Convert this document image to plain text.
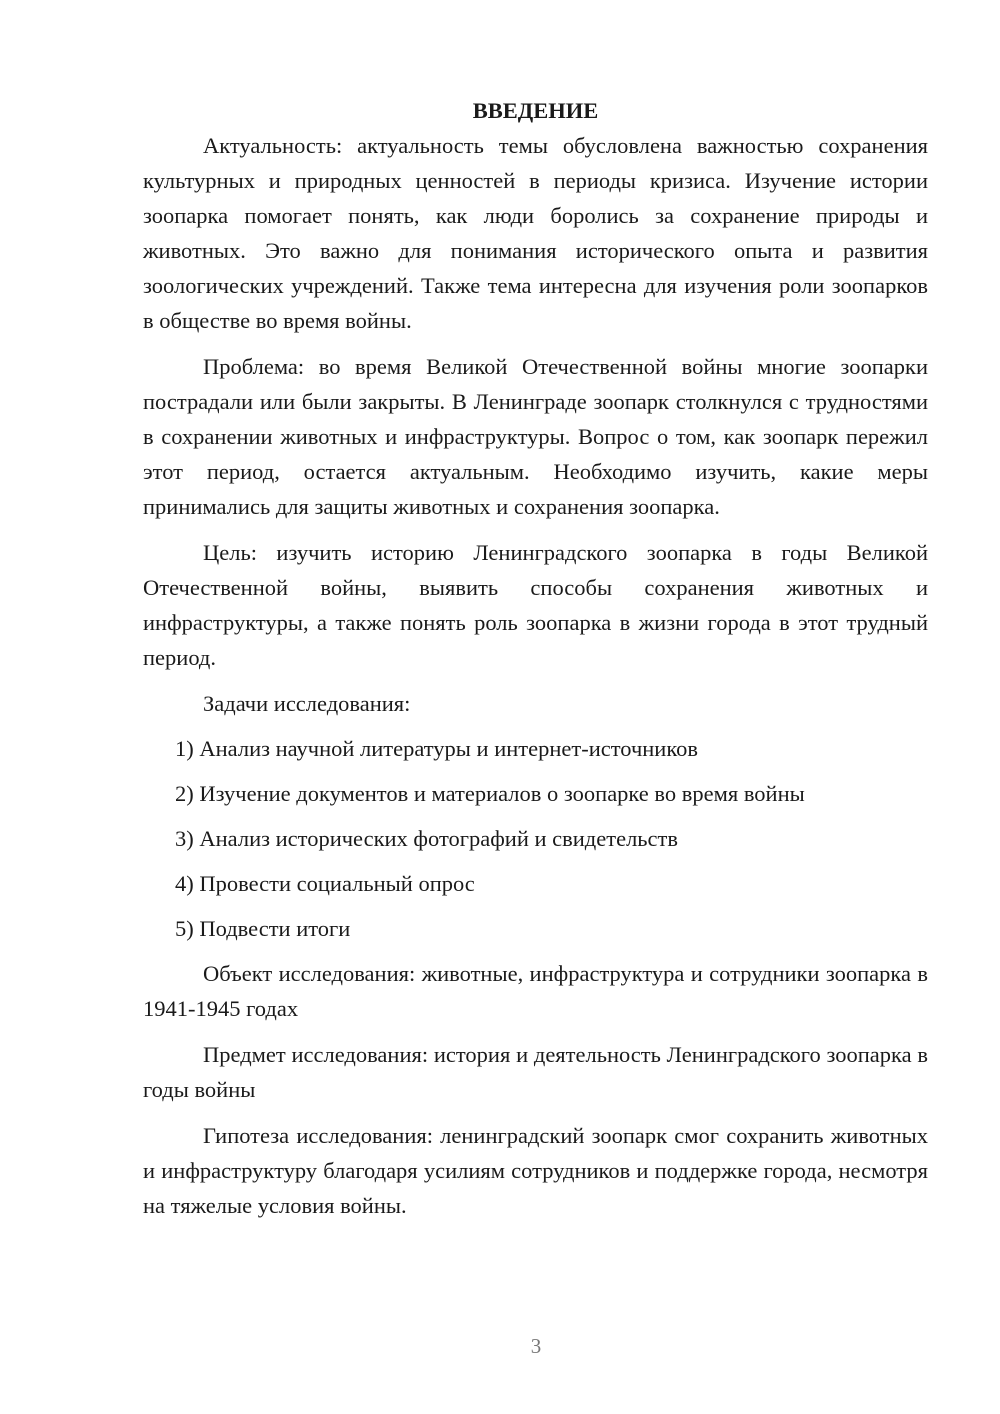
ВВЕДЕНИЕ

Актуальность: актуальность темы обусловлена важностью сохранения культурных и природных ценностей в периоды кризиса. Изучение истории зоопарка помогает понять, как люди боролись за сохранение природы и животных. Это важно для понимания исторического опыта и развития зоологических учреждений. Также тема интересна для изучения роли зоопарков в обществе во время войны.

Проблема: во время Великой Отечественной войны многие зоопарки пострадали или были закрыты. В Ленинграде зоопарк столкнулся с трудностями в сохранении животных и инфраструктуры. Вопрос о том, как зоопарк пережил этот период, остается актуальным. Необходимо изучить, какие меры принимались для защиты животных и сохранения зоопарка.

Цель: изучить историю Ленинградского зоопарка в годы Великой Отечественной войны, выявить способы сохранения животных и инфраструктуры, а также понять роль зоопарка в жизни города в этот трудный период.

Задачи исследования:
1) Анализ научной литературы и интернет-источников
2) Изучение документов и материалов о зоопарке во время войны
3) Анализ исторических фотографий и свидетельств
4) Провести социальный опрос
5) Подвести итоги

Объект исследования: животные, инфраструктура и сотрудники зоопарка в 1941-1945 годах

Предмет исследования: история и деятельность Ленинградского зоопарка в годы войны

Гипотеза исследования: ленинградский зоопарк смог сохранить животных и инфраструктуру благодаря усилиям сотрудников и поддержке города, несмотря на тяжелые условия войны.

3
